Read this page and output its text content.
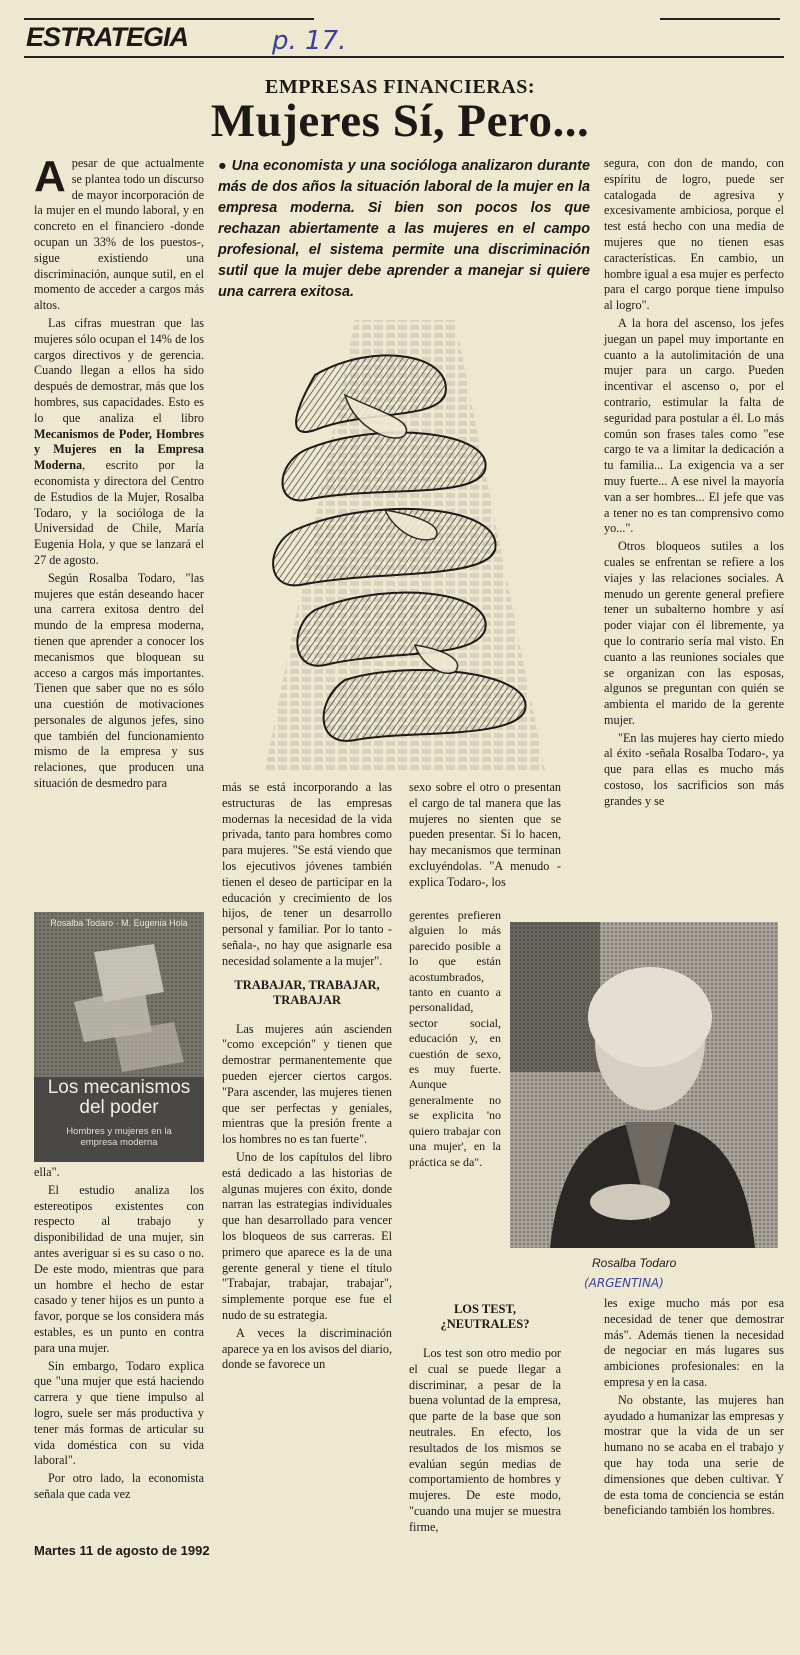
ESTRATEGIA	p. 17.
EMPRESAS FINANCIERAS:
Mujeres Sí, Pero...

Apesar de que actualmente se plantea todo un discurso de mayor incorporación de la mujer en el mundo laboral, y en concreto en el financiero -donde ocupan un 33% de los puestos-, sigue existiendo una discriminación, aunque sutil, en el momento de acceder a cargos más altos.

Las cifras muestran que las mujeres sólo ocupan el 14% de los cargos directivos y de gerencia. Cuando llegan a ellos ha sido después de demostrar, más que los hombres, sus capacidades. Esto es lo que analiza el libro Mecanismos de Poder, Hombres y Mujeres en la Empresa Moderna, escrito por la economista y directora del Centro de Estudios de la Mujer, Rosalba Todaro, y la socióloga de la Universidad de Chile, María Eugenia Hola, y que se lanzará el 27 de agosto.

Según Rosalba Todaro, "las mujeres que están deseando hacer una carrera exitosa dentro del mundo de la empresa moderna, tienen que aprender a conocer los mecanismos que bloquean su acceso a cargos más importantes. Tienen que saber que no es sólo una cuestión de motivaciones personales de algunos jefes, sino que también del funcionamiento mismo de la empresa y sus relaciones, que producen una situación de desmedro para

Rosalba Todaro · M. Eugenia Hola
Los mecanismos del poder
Hombres y mujeres en la empresa moderna

ella".

El estudio analiza los estereotipos existentes con respecto al trabajo y disponibilidad de una mujer, sin antes averiguar si es su caso o no. De este modo, mientras que para un hombre el hecho de estar casado y tener hijos es un punto a favor, porque se los considera más estables, es un punto en contra para una mujer.

Sin embargo, Todaro explica que "una mujer que está haciendo carrera y que tiene impulso al logro, suele ser más productiva y tener más formas de articular su vida doméstica con su vida laboral".

Por otro lado, la economista señala que cada vez

● Una economista y una socióloga analizaron durante más de dos años la situación laboral de la mujer en la empresa moderna. Si bien son pocos los que rechazan abiertamente a las mujeres en el campo profesional, el sistema permite una discriminación sutil que la mujer debe aprender a manejar si quiere una carrera exitosa.

más se está incorporando a las estructuras de las empresas modernas la necesidad de la vida privada, tanto para hombres como para mujeres. "Se está viendo que los ejecutivos jóvenes también tienen el deseo de participar en la educación y crecimiento de los hijos, de tener un desarrollo personal y familiar. Por lo tanto -señala-, no hay que asignarle esa necesidad solamente a la mujer".

TRABAJAR, TRABAJAR, TRABAJAR

Las mujeres aún ascienden "como excepción" y tienen que demostrar permanentemente que pueden ejercer ciertos cargos. "Para ascender, las mujeres tienen que ser perfectas y geniales, mientras que la presión frente a los hombres no es tan fuerte".

Uno de los capítulos del libro está dedicado a las historias de algunas mujeres con éxito, donde narran las estrategias individuales que han desarrollado para vencer los bloqueos de sus carreras. El primero que aparece es la de una gerente general y tiene el título "Trabajar, trabajar, trabajar", simplemente porque ese fue el nudo de su estrategia.

A veces la discriminación aparece ya en los avisos del diario, donde se favorece un

sexo sobre el otro o presentan el cargo de tal manera que las mujeres no sienten que se pueden presentar. Si lo hacen, hay mecanismos que terminan excluyéndolas. "A menudo -explica Todaro-, los

gerentes prefieren alguien lo más parecido posible a lo que están acostumbrados, tanto en cuanto a personalidad, sector social, educación y, en cuestión de sexo, es muy fuerte. Aunque generalmente no se explicita 'no quiero trabajar con una mujer', en la práctica se da".

LOS TEST, ¿NEUTRALES?

Los test son otro medio por el cual se puede llegar a discriminar, a pesar de la buena voluntad de la empresa, que parte de la base que son neutrales. En efecto, los resultados de los mismos se evalúan según medias de comportamiento de hombres y mujeres. De este modo, "cuando una mujer se muestra firme,

segura, con don de mando, con espíritu de logro, puede ser catalogada de agresiva y excesivamente ambiciosa, porque el test está hecho con una media de mujeres que no tienen esas características. En cambio, un hombre igual a esa mujer es perfecto para el cargo porque tiene impulso al logro".

A la hora del ascenso, los jefes juegan un papel muy importante en cuanto a la autolimitación de una mujer para un cargo. Pueden incentivar el ascenso o, por el contrario, estimular la falta de seguridad para postular a él. Lo más común son frases tales como "ese cargo te va a limitar la dedicación a tu familia... La exigencia va a ser muy fuerte... A ese nivel la mayoría van a ser hombres... El jefe que vas a tener no es tan comprensivo como yo...".

Otros bloqueos sutiles a los cuales se enfrentan se refiere a los viajes y las relaciones sociales. A menudo un gerente general prefiere tener un subalterno hombre y así poder viajar con él libremente, ya que lo contrario sería mal visto. En cuanto a las reuniones sociales que se organizan con las esposas, algunos se preguntan con quién se ambienta el marido de la gerente mujer.

"En las mujeres hay cierto miedo al éxito -señala Rosalba Todaro-, ya que para ellas es mucho más costoso, los sacrificios son más grandes y se

Rosalba Todaro
(ARGENTINA)

les exige mucho más por esa necesidad de tener que demostrar más". Además tienen la necesidad de negociar en más lugares sus ambiciones profesionales: en la empresa y en la casa.

No obstante, las mujeres han ayudado a humanizar las empresas y mostrar que la vida de un ser humano no se acaba en el trabajo y que hay toda una serie de dimensiones que deben cultivar. Y de esta toma de conciencia se están beneficiando también los hombres.

Martes 11 de agosto de 1992
